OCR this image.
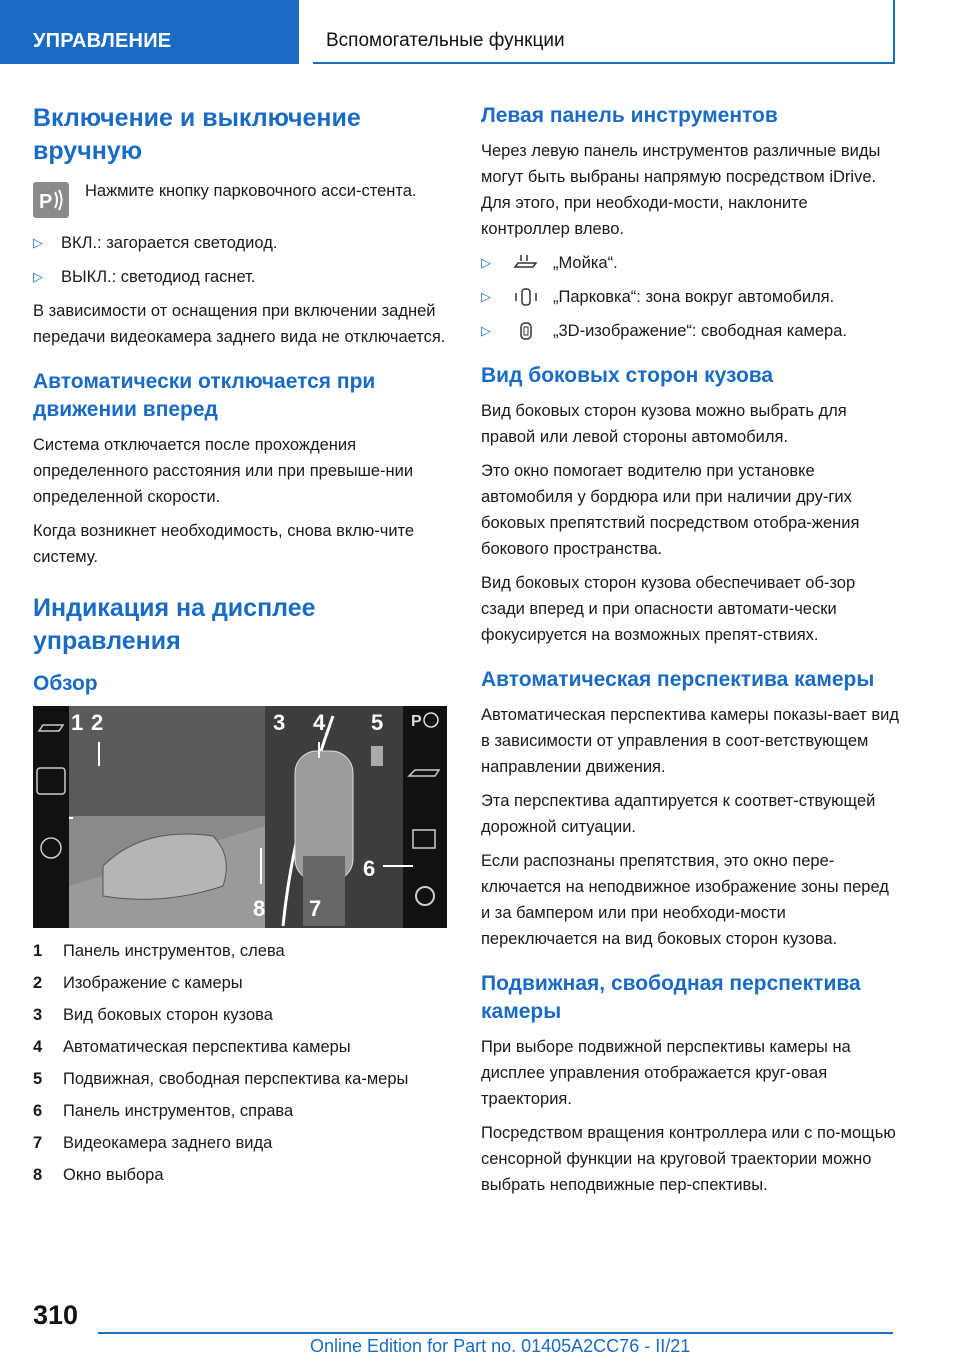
УПРАВЛЕНИЕ	Вспомогательные функции
Включение и выключение вручную
P Нажмите кнопку парковочного асси-стента.

▷	ВКЛ.: загорается светодиод.
▷	ВЫКЛ.: светодиод гаснет.

В зависимости от оснащения при включении задней передачи видеокамера заднего вида не отключается.

Автоматически отключается при движении вперед

Система отключается после прохождения определенного расстояния или при превыше-нии определенной скорости.

Когда возникнет необходимость, снова вклю-чите систему.

Индикация на дисплее управления
Обзор
P
1 2	3 4 5
6
7
8
1	Панель инструментов, слева
2	Изображение с камеры
3	Вид боковых сторон кузова
4	Автоматическая перспектива камеры
5	Подвижная, свободная перспектива ка-меры
6	Панель инструментов, справа
7	Видеокамера заднего вида
8	Окно выбора
Левая панель инструментов

Через левую панель инструментов различные виды могут быть выбраны напрямую посредством iDrive. Для этого, при необходи-мости, наклоните контроллер влево.

▷	„Мойка“.
▷	„Парковка“: зона вокруг автомобиля.
▷	„3D-изображение“: свободная камера.
Вид боковых сторон кузова

Вид боковых сторон кузова можно выбрать для правой или левой стороны автомобиля.

Это окно помогает водителю при установке автомобиля у бордюра или при наличии дру-гих боковых препятствий посредством отобра-жения бокового пространства.

Вид боковых сторон кузова обеспечивает об-зор сзади вперед и при опасности автомати-чески фокусируется на возможных препят-ствиях.

Автоматическая перспектива камеры

Автоматическая перспектива камеры показы-вает вид в зависимости от управления в соот-ветствующем направлении движения.

Эта перспектива адаптируется к соответ-ствующей дорожной ситуации.

Если распознаны препятствия, это окно пере-ключается на неподвижное изображение зоны перед и за бампером или при необходи-мости переключается на вид боковых сторон кузова.

Подвижная, свободная перспектива камеры

При выборе подвижной перспективы камеры на дисплее управления отображается круг-овая траектория.

Посредством вращения контроллера или с по-мощью сенсорной функции на круговой траектории можно выбрать неподвижные пер-спективы.

310
Online Edition for Part no. 01405A2CC76 - II/21
